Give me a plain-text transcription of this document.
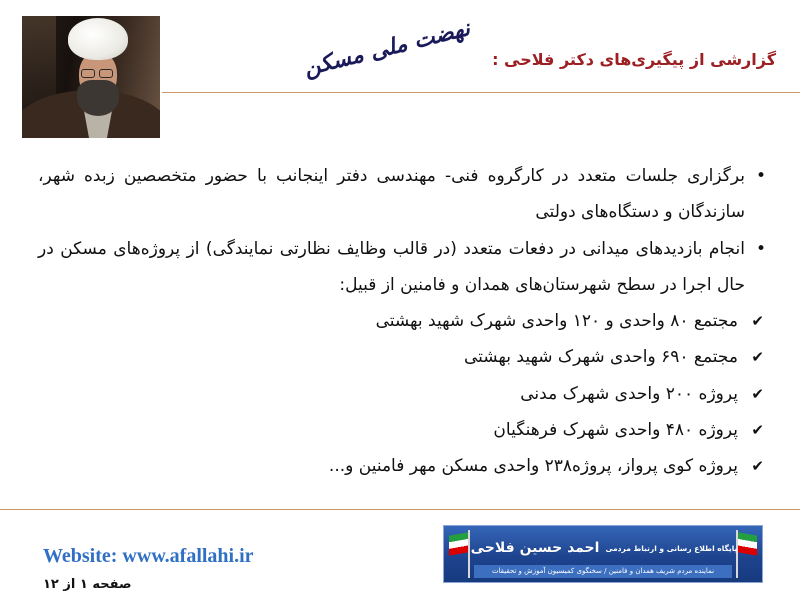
نهضت ملی مسکن گزارشی از پیگیری‌های دکتر فلاحی :
•
برگزاری جلسات متعدد در کارگروه فنی- مهندسی دفتر اینجانب با حضور متخصصین زبده شهر، سازندگان و دستگاه‌های دولتی
•
انجام بازدیدهای میدانی در دفعات متعدد (در قالب وظایف نظارتی نمایندگی) از پروژه‌های مسکن در حال اجرا در سطح شهرستان‌های همدان و فامنین از قبیل:
✔
مجتمع ۸۰ واحدی و ۱۲۰ واحدی شهرک شهید بهشتی
✔
مجتمع ۶۹۰ واحدی شهرک شهید بهشتی
✔
پروژه ۲۰۰ واحدی شهرک مدنی
✔
پروژه ۴۸۰ واحدی شهرک فرهنگیان
✔
پروژه کوی پرواز، پروژه۲۳۸ واحدی مسکن مهر فامنین و...
Website: www.afallahi.ir
صفحه ۱ از ۱۲
پایگاه اطلاع رسانی و ارتباط مردمی
احمد حسین فلاحی
نماینده مردم شریف همدان و فامنین / سخنگوی کمیسیون آموزش و تحقیقات
